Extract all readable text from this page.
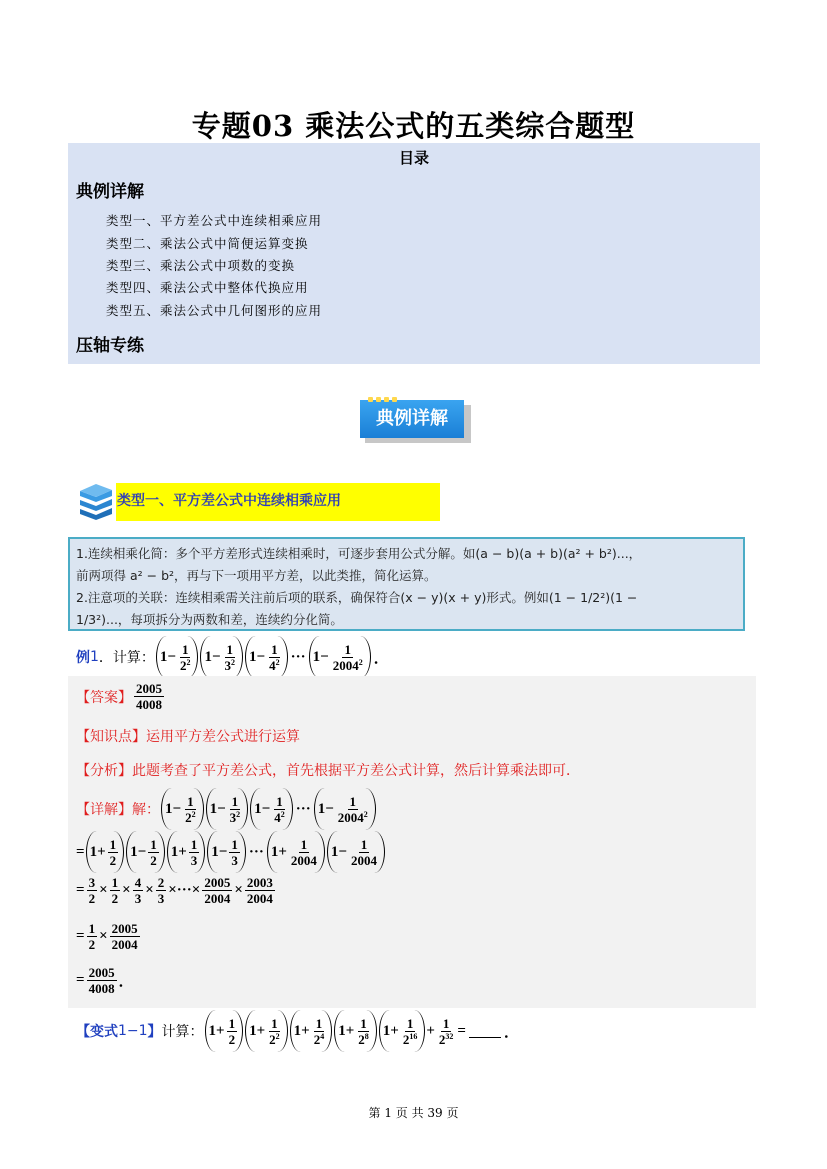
专题03 乘法公式的五类综合题型
目录
典例详解
类型一、平方差公式中连续相乘应用
类型二、乘法公式中简便运算变换
类型三、乘法公式中项数的变换
类型四、乘法公式中整体代换应用
类型五、乘法公式中几何图形的应用
压轴专练
典例详解
类型一、平方差公式中连续相乘应用

1.连续相乘化简：多个平方差形式连续相乘时，可逐步套用公式分解。如(a − b)(a + b)(a² + b²)...，

前两项得 a² − b²，再与下一项用平方差，以此类推，简化运算。

2.注意项的关联：连续相乘需关注前后项的联系，确保符合(x − y)(x + y)形式。例如(1 − 1/2²)(1 −

1/3²)...，每项拆分为两数和差，连续约分化简。

例 1 ．计算： $1- \frac{1}{2^2} 1- \frac{1}{3^2} 1- \frac{1}{4^2}$ ··· $1- \frac{1}{2004^2}$ ．
【答案】 $\frac{2005}{4008}$
【知识点】 运用平方差公式进行运算
【分析】 此题考查了平方差公式，首先根据平方差公式计算，然后计算乘法即可．
【详解】 解： $1- \frac{1}{2^2} 1- \frac{1}{3^2} 1- \frac{1}{4^2}$ ··· $1- \frac{1}{2004^2}$
= $1+ \frac{1}{2} 1- \frac{1}{2} 1+ \frac{1}{3} 1- \frac{1}{3}$ ··· $1+ \frac{1}{2004} 1- \frac{1}{2004}$
= $\frac{3}{2} \times \frac{1}{2} \times \frac{4}{3} \times \frac{2}{3}$ ×···× $\frac{2005}{2004} \times \frac{2003}{2004}$
= $\frac{1}{2} \times \frac{2005}{2004}$
= $\frac{2005}{4008}$ ．
【变式 1−1 】 计算： $1+ \frac{1}{2} 1+ \frac{1}{2^2} 1+ \frac{1}{2^4} 1+ \frac{1}{2^8} 1+ \frac{1}{2^{16}} + \frac{1}{2^{32}}$ =	．
第 1 页 共 39 页
